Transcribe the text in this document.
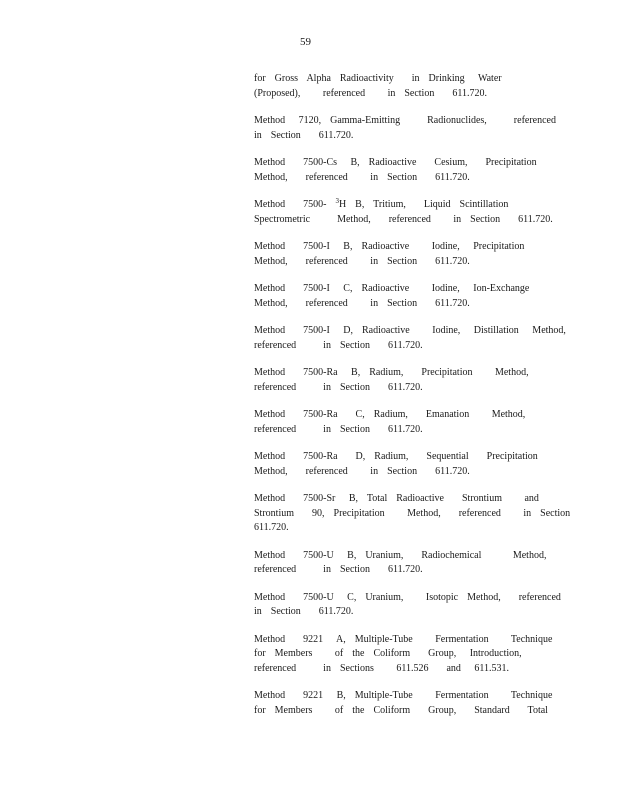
59

for  Gross  Alpha  Radioactivity    in  Drinking   Water
(Proposed),     referenced     in  Section    611.720.

Method   7120,  Gamma-Emitting      Radionuclides,      referenced
in  Section    611.720.

Method    7500-Cs   B,  Radioactive    Cesium,    Precipitation
Method,    referenced     in  Section    611.720.

Method    7500-  $^3$H  B,  Tritium,    Liquid  Scintillation
Spectrometric      Method,    referenced     in  Section    611.720.

Method    7500-I   B,  Radioactive     Iodine,   Precipitation
Method,    referenced     in  Section    611.720.

Method    7500-I   C,  Radioactive     Iodine,   Ion-Exchange
Method,    referenced     in  Section    611.720.

Method    7500-I   D,  Radioactive     Iodine,   Distillation   Method,
referenced      in  Section    611.720.

Method    7500-Ra   B,  Radium,    Precipitation     Method,
referenced      in  Section    611.720.

Method    7500-Ra    C,  Radium,    Emanation     Method,
referenced      in  Section    611.720.

Method    7500-Ra    D,  Radium,    Sequential    Precipitation
Method,    referenced     in  Section    611.720.

Method    7500-Sr   B,  Total  Radioactive    Strontium     and
Strontium    90,  Precipitation     Method,    referenced     in  Section
611.720.

Method    7500-U   B,  Uranium,    Radiochemical       Method,
referenced      in  Section    611.720.

Method    7500-U   C,  Uranium,     Isotopic  Method,    referenced
in  Section    611.720.

Method    9221   A,  Multiple-Tube     Fermentation     Technique
for  Members     of  the  Coliform    Group,   Introduction,
referenced      in  Sections     611.526    and   611.531.

Method    9221   B,  Multiple-Tube     Fermentation     Technique
for  Members     of  the  Coliform    Group,    Standard    Total
